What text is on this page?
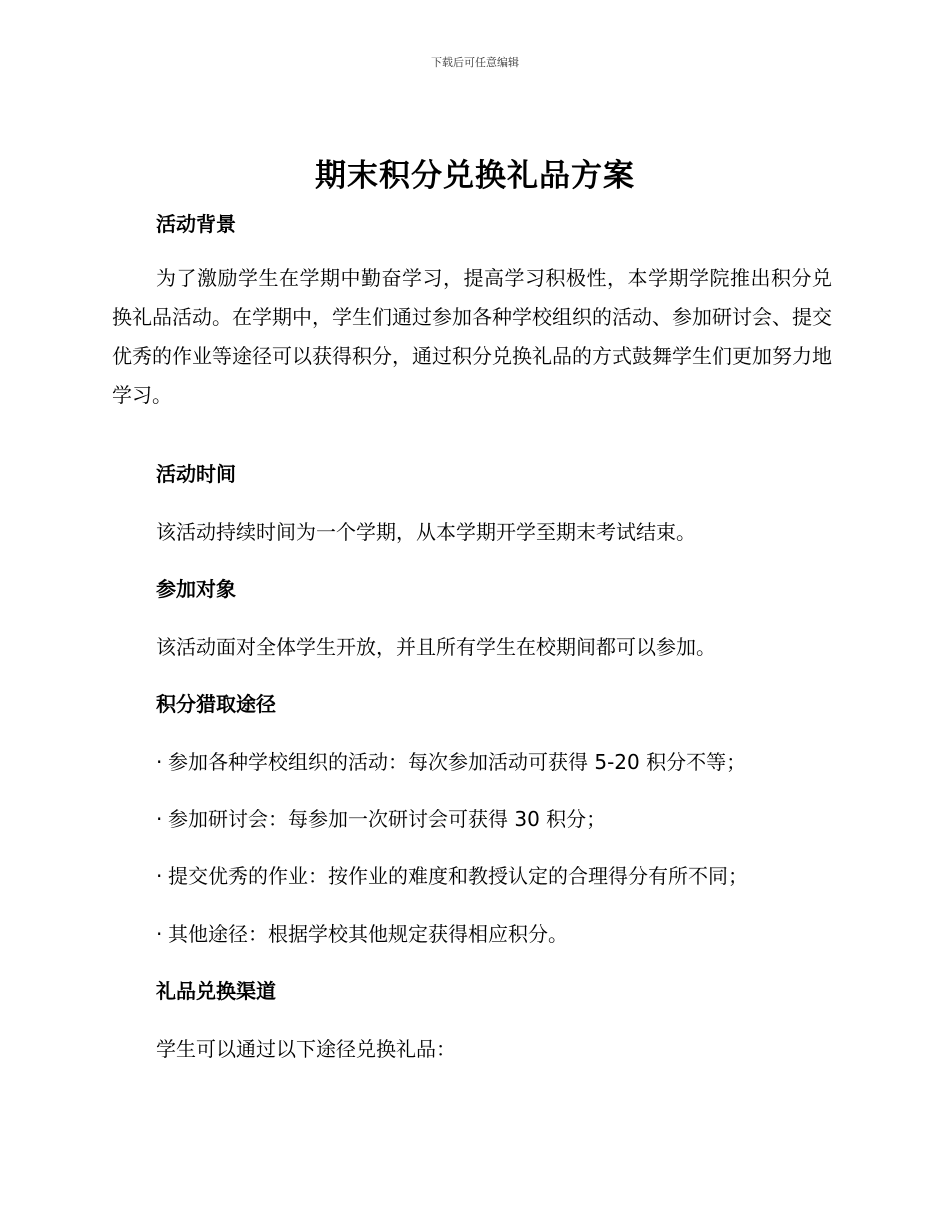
下载后可任意编辑
期末积分兑换礼品方案
活动背景
为了激励学生在学期中勤奋学习，提高学习积极性，本学期学院推出积分兑换礼品活动。在学期中，学生们通过参加各种学校组织的活动、参加研讨会、提交优秀的作业等途径可以获得积分，通过积分兑换礼品的方式鼓舞学生们更加努力地学习。
活动时间
该活动持续时间为一个学期，从本学期开学至期末考试结束。
参加对象
该活动面对全体学生开放，并且所有学生在校期间都可以参加。
积分猎取途径
· 参加各种学校组织的活动：每次参加活动可获得 5-20 积分不等；
· 参加研讨会：每参加一次研讨会可获得 30 积分；
· 提交优秀的作业：按作业的难度和教授认定的合理得分有所不同；
· 其他途径：根据学校其他规定获得相应积分。
礼品兑换渠道
学生可以通过以下途径兑换礼品：
